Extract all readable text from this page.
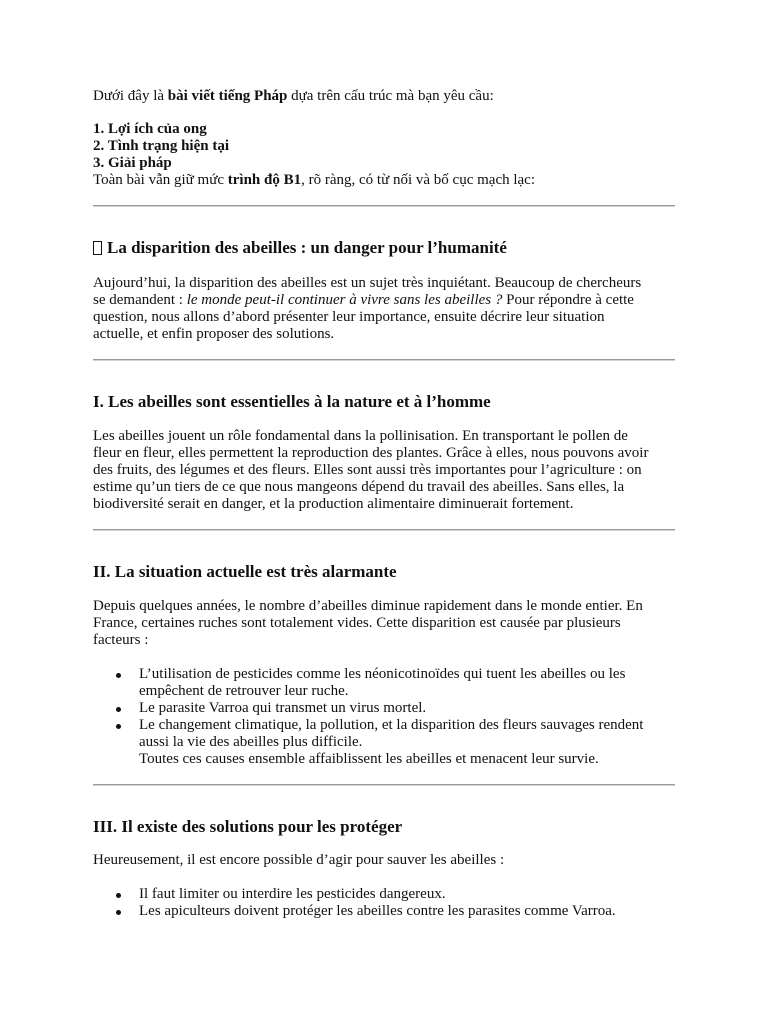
Dưới đây là bài viết tiếng Pháp dựa trên cấu trúc mà bạn yêu cầu:
1. Lợi ích của ong
2. Tình trạng hiện tại
3. Giải pháp
Toàn bài vẫn giữ mức trình độ B1, rõ ràng, có từ nối và bố cục mạch lạc:
La disparition des abeilles : un danger pour l’humanité
Aujourd’hui, la disparition des abeilles est un sujet très inquiétant. Beaucoup de chercheurs
se demandent : le monde peut-il continuer à vivre sans les abeilles ? Pour répondre à cette
question, nous allons d’abord présenter leur importance, ensuite décrire leur situation
actuelle, et enfin proposer des solutions.
I. Les abeilles sont essentielles à la nature et à l’homme
Les abeilles jouent un rôle fondamental dans la pollinisation. En transportant le pollen de
fleur en fleur, elles permettent la reproduction des plantes. Grâce à elles, nous pouvons avoir
des fruits, des légumes et des fleurs. Elles sont aussi très importantes pour l’agriculture : on
estime qu’un tiers de ce que nous mangeons dépend du travail des abeilles. Sans elles, la
biodiversité serait en danger, et la production alimentaire diminuerait fortement.
II. La situation actuelle est très alarmante
Depuis quelques années, le nombre d’abeilles diminue rapidement dans le monde entier. En
France, certaines ruches sont totalement vides. Cette disparition est causée par plusieurs
facteurs :
L’utilisation de pesticides comme les néonicotinoïdes qui tuent les abeilles ou les
empêchent de retrouver leur ruche.
Le parasite Varroa qui transmet un virus mortel.
Le changement climatique, la pollution, et la disparition des fleurs sauvages rendent
aussi la vie des abeilles plus difficile.
Toutes ces causes ensemble affaiblissent les abeilles et menacent leur survie.
III. Il existe des solutions pour les protéger
Heureusement, il est encore possible d’agir pour sauver les abeilles :
Il faut limiter ou interdire les pesticides dangereux.
Les apiculteurs doivent protéger les abeilles contre les parasites comme Varroa.
